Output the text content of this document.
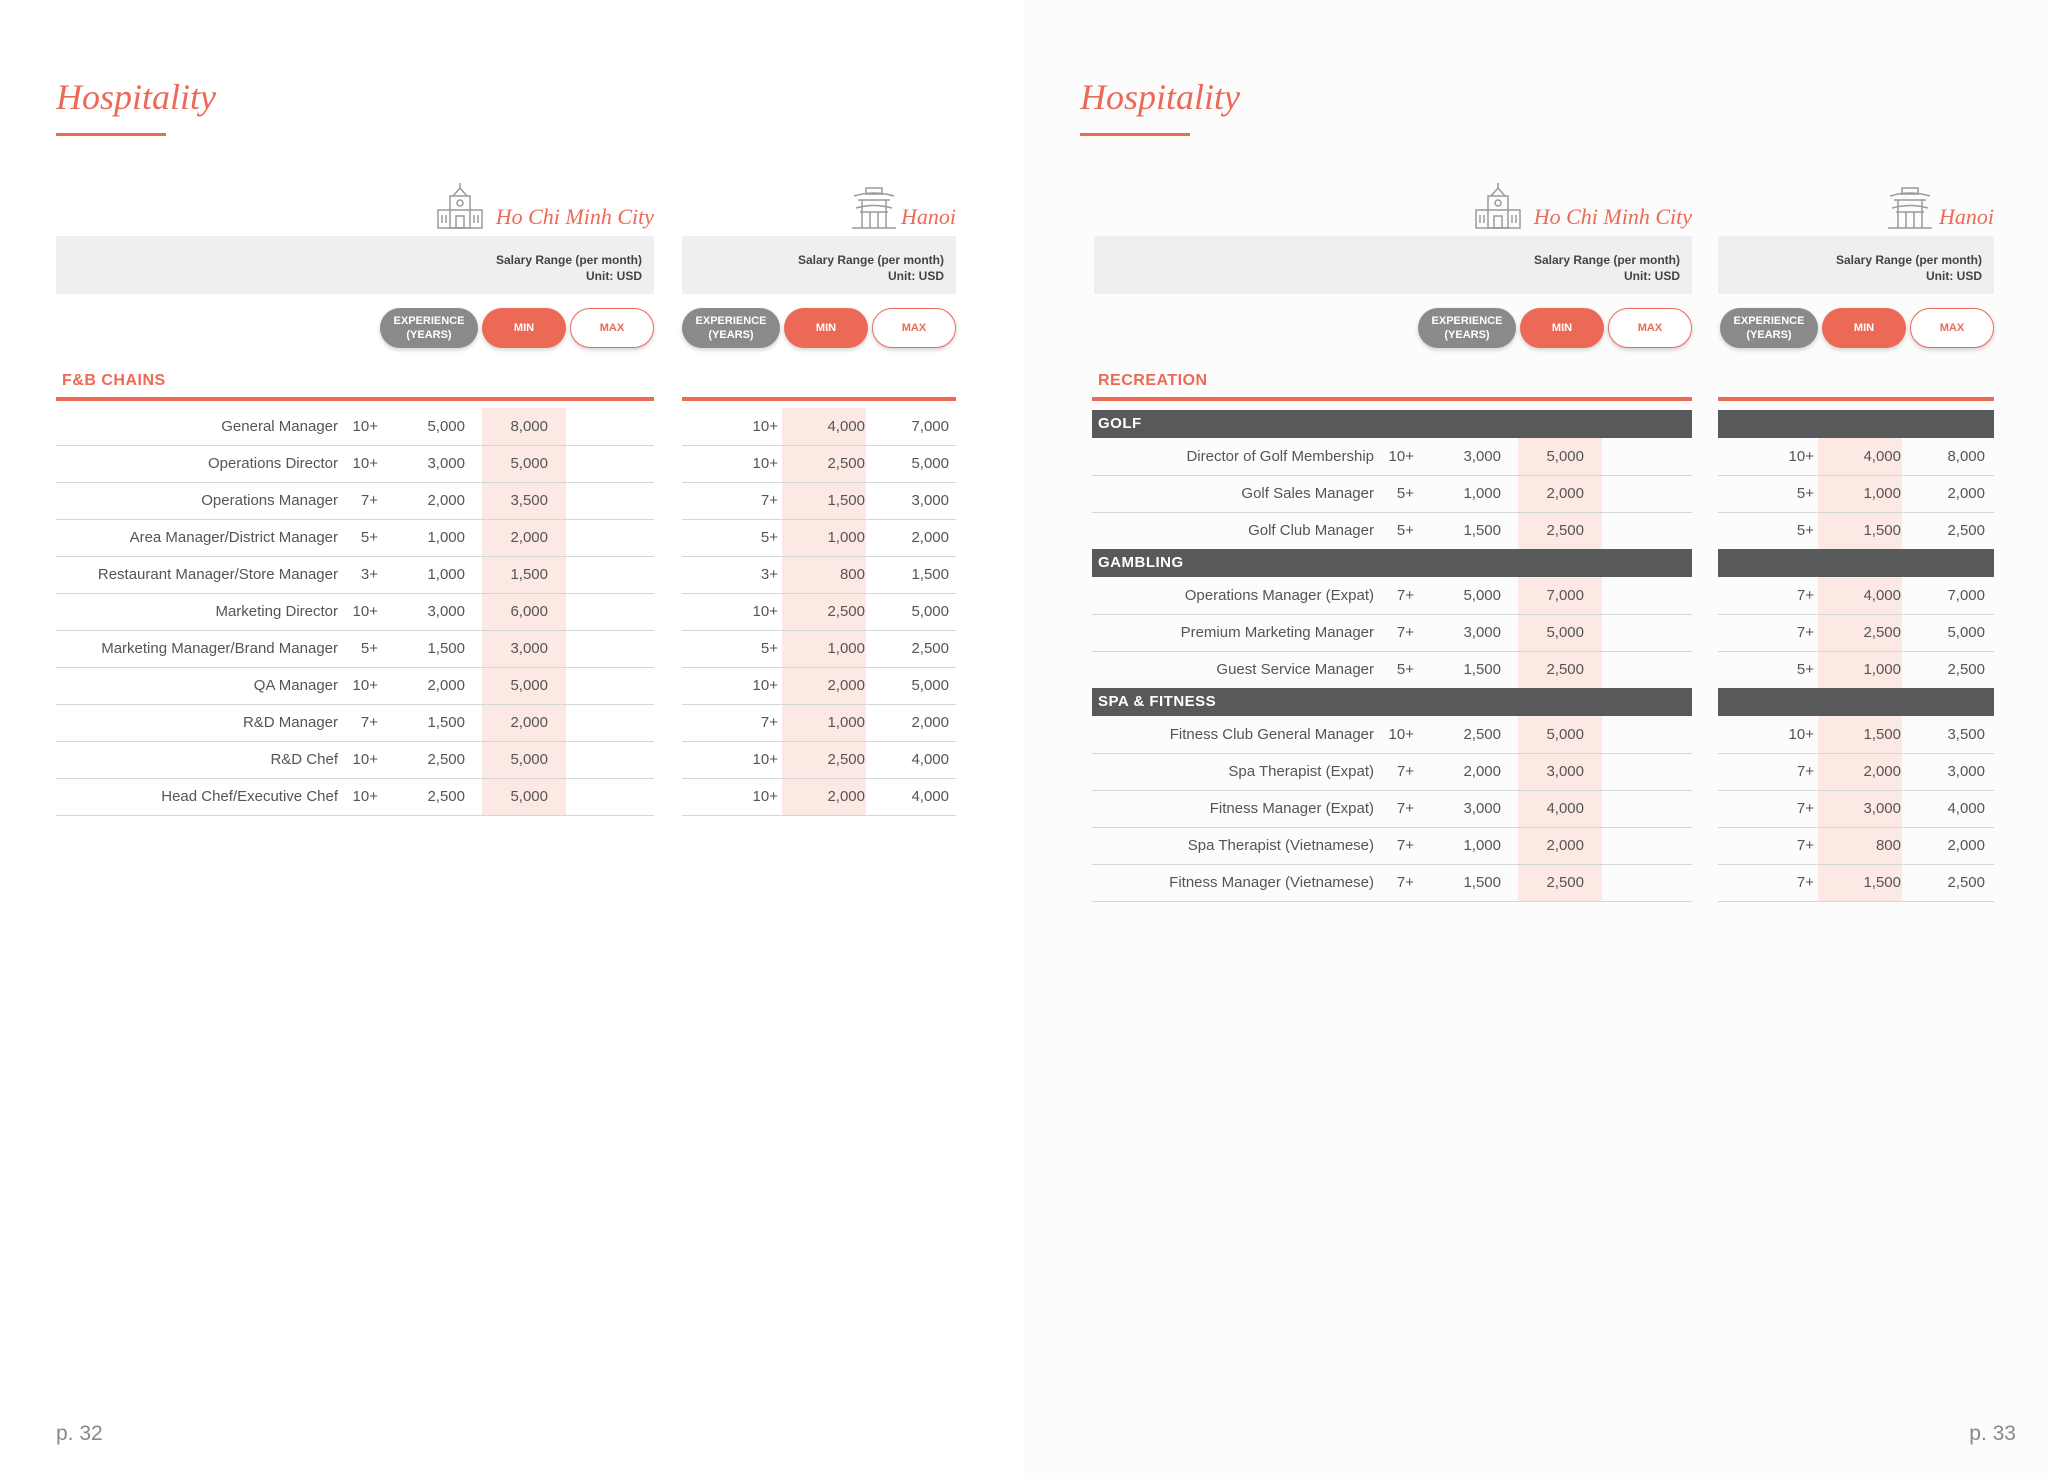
Hospitality
Ho Chi Minh City
Salary Range (per month)
Unit: USD
EXPERIENCE
(YEARS)
MIN	MAX
Hanoi
Salary Range (per month)
Unit: USD
EXPERIENCE
(YEARS)
MIN	MAX
F&B CHAINS
General Manager 10+	5,000	8,000
Operations Director 10+	3,000	5,000
Operations Manager	7+	2,000	3,500
Area Manager/District Manager	5+	1,000	2,000
Restaurant Manager/Store Manager	3+	1,000	1,500
Marketing Director 10+	3,000	6,000
Marketing Manager/Brand Manager	5+	1,500	3,000
QA Manager 10+	2,000	5,000
R&D Manager	7+	1,500	2,000
R&D Chef 10+	2,500	5,000
Head Chef/Executive Chef 10+	2,500	5,000
10+	4,000	7,000
10+	2,500	5,000
7+	1,500	3,000
5+	1,000	2,000
3+	800	1,500
10+	2,500	5,000
5+	1,000	2,500
10+	2,000	5,000
7+	1,000	2,000
10+	2,500	4,000
10+	2,000	4,000
p. 32
Hospitality
Ho Chi Minh City
Salary Range (per month)
Unit: USD
EXPERIENCE
(YEARS)
MIN	MAX
Hanoi
Salary Range (per month)
Unit: USD
EXPERIENCE
(YEARS)
MIN	MAX
RECREATION
GOLF
Director of Golf Membership 10+	3,000	5,000
Golf Sales Manager	5+	1,000	2,000
Golf Club Manager	5+	1,500	2,500
GAMBLING
Operations Manager (Expat)	7+	5,000	7,000
Premium Marketing Manager	7+	3,000	5,000
Guest Service Manager	5+	1,500	2,500
SPA & FITNESS
Fitness Club General Manager 10+	2,500	5,000
Spa Therapist (Expat)	7+	2,000	3,000
Fitness Manager (Expat)	7+	3,000	4,000
Spa Therapist (Vietnamese)	7+	1,000	2,000
Fitness Manager (Vietnamese)	7+	1,500	2,500
10+	4,000	8,000
5+	1,000	2,000
5+	1,500	2,500
7+	4,000	7,000
7+	2,500	5,000
5+	1,000	2,500
10+	1,500	3,500
7+	2,000	3,000
7+	3,000	4,000
7+	800	2,000
7+	1,500	2,500
p. 33
